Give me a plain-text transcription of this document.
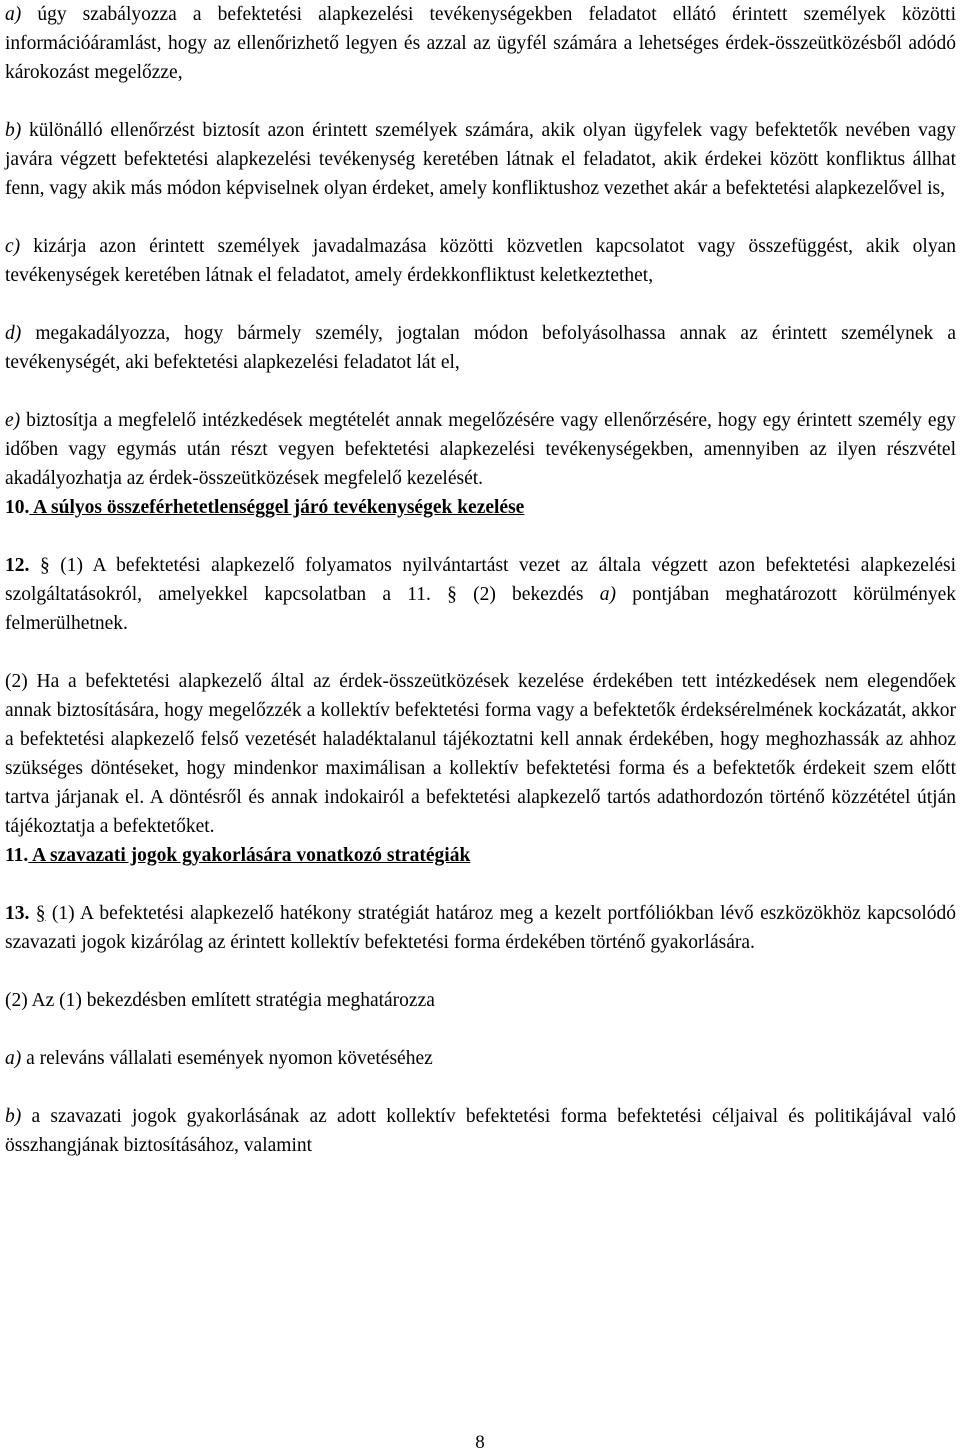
a) úgy szabályozza a befektetési alapkezelési tevékenységekben feladatot ellátó érintett személyek közötti információáramlást, hogy az ellenőrizhető legyen és azzal az ügyfél számára a lehetséges érdek-összeütközésből adódó károkozást megelőzze,

b) különálló ellenőrzést biztosít azon érintett személyek számára, akik olyan ügyfelek vagy befektetők nevében vagy javára végzett befektetési alapkezelési tevékenység keretében látnak el feladatot, akik érdekei között konfliktus állhat fenn, vagy akik más módon képviselnek olyan érdeket, amely konfliktushoz vezethet akár a befektetési alapkezelővel is,

c) kizárja azon érintett személyek javadalmazása közötti közvetlen kapcsolatot vagy összefüggést, akik olyan tevékenységek keretében látnak el feladatot, amely érdekkonfliktust keletkeztethet,

d) megakadályozza, hogy bármely személy, jogtalan módon befolyásolhassa annak az érintett személynek a tevékenységét, aki befektetési alapkezelési feladatot lát el,

e) biztosítja a megfelelő intézkedések megtételét annak megelőzésére vagy ellenőrzésére, hogy egy érintett személy egy időben vagy egymás után részt vegyen befektetési alapkezelési tevékenységekben, amennyiben az ilyen részvétel akadályozhatja az érdek-összeütközések megfelelő kezelését.

10. A súlyos összeférhetetlenséggel járó tevékenységek kezelése

12. § (1) A befektetési alapkezelő folyamatos nyilvántartást vezet az általa végzett azon befektetési alapkezelési szolgáltatásokról, amelyekkel kapcsolatban a 11. § (2) bekezdés a) pontjában meghatározott körülmények felmerülhetnek.

(2) Ha a befektetési alapkezelő által az érdek-összeütközések kezelése érdekében tett intézkedések nem elegendőek annak biztosítására, hogy megelőzzék a kollektív befektetési forma vagy a befektetők érdeksérelmének kockázatát, akkor a befektetési alapkezelő felső vezetését haladéktalanul tájékoztatni kell annak érdekében, hogy meghozhassák az ahhoz szükséges döntéseket, hogy mindenkor maximálisan a kollektív befektetési forma és a befektetők érdekeit szem előtt tartva járjanak el. A döntésről és annak indokairól a befektetési alapkezelő tartós adathordozón történő közzététel útján tájékoztatja a befektetőket.

11. A szavazati jogok gyakorlására vonatkozó stratégiák

13. § (1) A befektetési alapkezelő hatékony stratégiát határoz meg a kezelt portfóliókban lévő eszközökhöz kapcsolódó szavazati jogok kizárólag az érintett kollektív befektetési forma érdekében történő gyakorlására.

(2) Az (1) bekezdésben említett stratégia meghatározza

a) a releváns vállalati események nyomon követéséhez

b) a szavazati jogok gyakorlásának az adott kollektív befektetési forma befektetési céljaival és politikájával való összhangjának biztosításához, valamint

8
